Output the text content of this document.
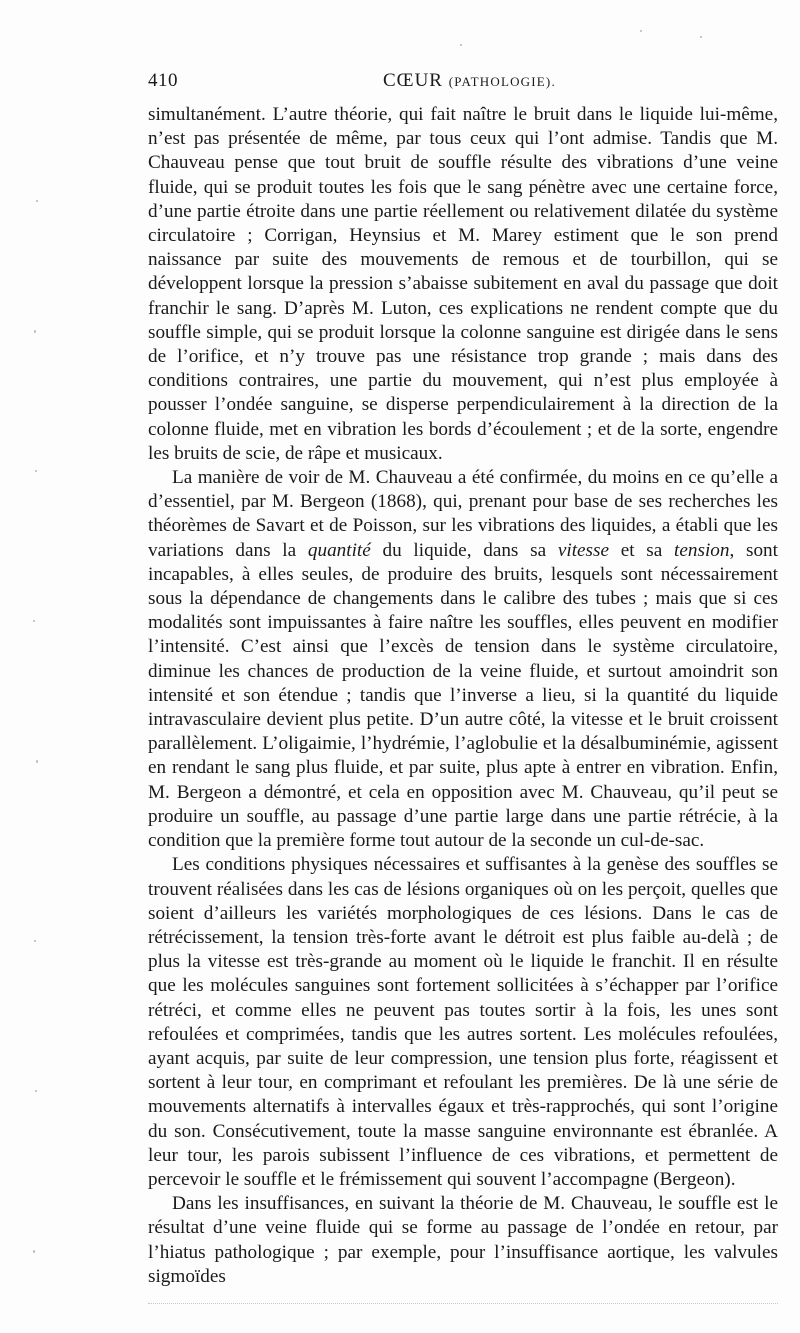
410	CŒUR (PATHOLOGIE).

simultanément. L’autre théorie, qui fait naître le bruit dans le liquide lui-même, n’est pas présentée de même, par tous ceux qui l’ont admise. Tandis que M. Chauveau pense que tout bruit de souffle résulte des vibrations d’une veine fluide, qui se produit toutes les fois que le sang pénètre avec une certaine force, d’une partie étroite dans une partie réellement ou relativement dilatée du système circulatoire ; Corrigan, Heynsius et M. Marey estiment que le son prend naissance par suite des mouvements de remous et de tourbillon, qui se développent lorsque la pression s’abaisse subitement en aval du passage que doit franchir le sang. D’après M. Luton, ces explications ne rendent compte que du souffle simple, qui se produit lorsque la colonne sanguine est dirigée dans le sens de l’orifice, et n’y trouve pas une résistance trop grande ; mais dans des conditions contraires, une partie du mouvement, qui n’est plus employée à pousser l’ondée sanguine, se disperse perpendiculairement à la direction de la colonne fluide, met en vibration les bords d’écoulement ; et de la sorte, engendre les bruits de scie, de râpe et musicaux.

La manière de voir de M. Chauveau a été confirmée, du moins en ce qu’elle a d’essentiel, par M. Bergeon (1868), qui, prenant pour base de ses recherches les théorèmes de Savart et de Poisson, sur les vibrations des liquides, a établi que les variations dans la quantité du liquide, dans sa vitesse et sa tension, sont incapables, à elles seules, de produire des bruits, lesquels sont nécessairement sous la dépendance de changements dans le calibre des tubes ; mais que si ces modalités sont impuissantes à faire naître les souffles, elles peuvent en modifier l’intensité. C’est ainsi que l’excès de tension dans le système circulatoire, diminue les chances de production de la veine fluide, et surtout amoindrit son intensité et son étendue ; tandis que l’inverse a lieu, si la quantité du liquide intravasculaire devient plus petite. D’un autre côté, la vitesse et le bruit croissent parallèlement. L’oligaimie, l’hydrémie, l’aglobulie et la désalbuminémie, agissent en rendant le sang plus fluide, et par suite, plus apte à entrer en vibration. Enfin, M. Bergeon a démontré, et cela en opposition avec M. Chauveau, qu’il peut se produire un souffle, au passage d’une partie large dans une partie rétrécie, à la condition que la première forme tout autour de la seconde un cul-de-sac.

Les conditions physiques nécessaires et suffisantes à la genèse des souffles se trouvent réalisées dans les cas de lésions organiques où on les perçoit, quelles que soient d’ailleurs les variétés morphologiques de ces lésions. Dans le cas de rétrécissement, la tension très-forte avant le détroit est plus faible au-delà ; de plus la vitesse est très-grande au moment où le liquide le franchit. Il en résulte que les molécules sanguines sont fortement sollicitées à s’échapper par l’orifice rétréci, et comme elles ne peuvent pas toutes sortir à la fois, les unes sont refoulées et comprimées, tandis que les autres sortent. Les molécules refoulées, ayant acquis, par suite de leur compression, une tension plus forte, réagissent et sortent à leur tour, en comprimant et refoulant les premières. De là une série de mouvements alternatifs à intervalles égaux et très-rapprochés, qui sont l’origine du son. Consécutivement, toute la masse sanguine environnante est ébranlée. A leur tour, les parois subissent l’influence de ces vibrations, et permettent de percevoir le souffle et le frémissement qui souvent l’accompagne (Bergeon).

Dans les insuffisances, en suivant la théorie de M. Chauveau, le souffle est le résultat d’une veine fluide qui se forme au passage de l’ondée en retour, par l’hiatus pathologique ; par exemple, pour l’insuffisance aortique, les valvules sigmoïdes
